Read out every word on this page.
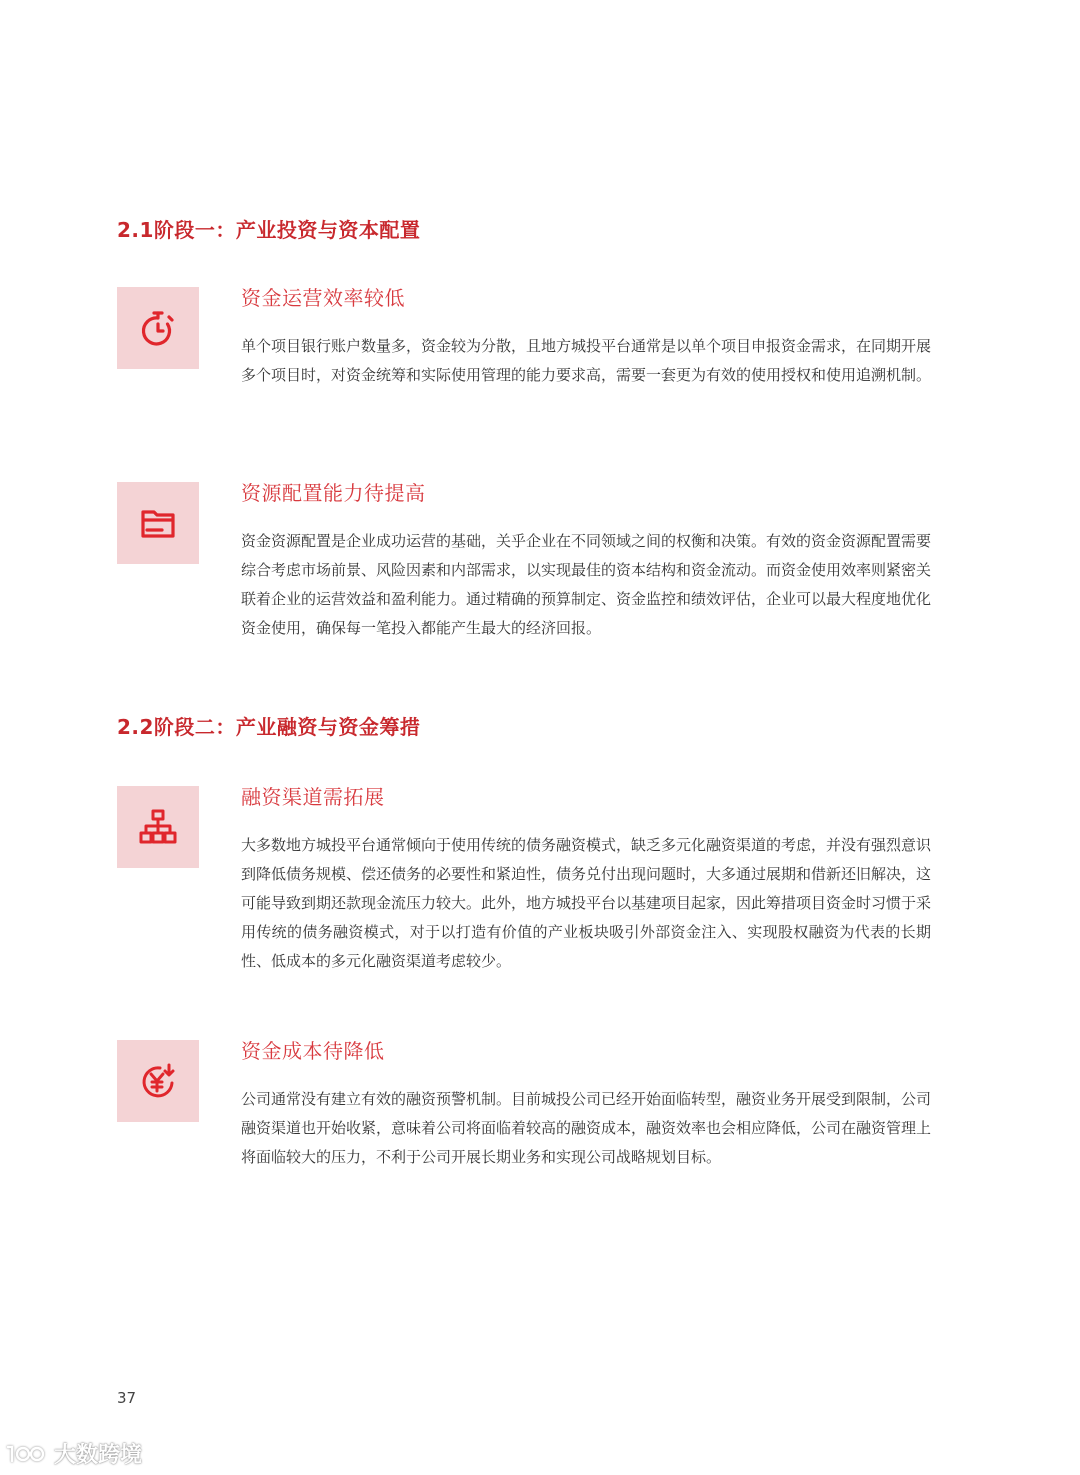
2.1阶段一：产业投资与资本配置
资金运营效率较低
单个项目银行账户数量多，资金较为分散，且地方城投平台通常是以单个项目申报资金需求，在同期开展多个项目时，对资金统筹和实际使用管理的能力要求高，需要一套更为有效的使用授权和使用追溯机制。
资源配置能力待提高
资金资源配置是企业成功运营的基础，关乎企业在不同领域之间的权衡和决策。有效的资金资源配置需要综合考虑市场前景、风险因素和内部需求，以实现最佳的资本结构和资金流动。而资金使用效率则紧密关联着企业的运营效益和盈利能力。通过精确的预算制定、资金监控和绩效评估，企业可以最大程度地优化资金使用，确保每一笔投入都能产生最大的经济回报。
2.2阶段二：产业融资与资金筹措
融资渠道需拓展
大多数地方城投平台通常倾向于使用传统的债务融资模式，缺乏多元化融资渠道的考虑，并没有强烈意识到降低债务规模、偿还债务的必要性和紧迫性，债务兑付出现问题时，大多通过展期和借新还旧解决，这可能导致到期还款现金流压力较大。此外，地方城投平台以基建项目起家，因此筹措项目资金时习惯于采用传统的债务融资模式，对于以打造有价值的产业板块吸引外部资金注入、实现股权融资为代表的长期性、低成本的多元化融资渠道考虑较少。
资金成本待降低
公司通常没有建立有效的融资预警机制。目前城投公司已经开始面临转型，融资业务开展受到限制，公司融资渠道也开始收紧，意味着公司将面临着较高的融资成本，融资效率也会相应降低，公司在融资管理上将面临较大的压力，不利于公司开展长期业务和实现公司战略规划目标。
37
大数跨境
